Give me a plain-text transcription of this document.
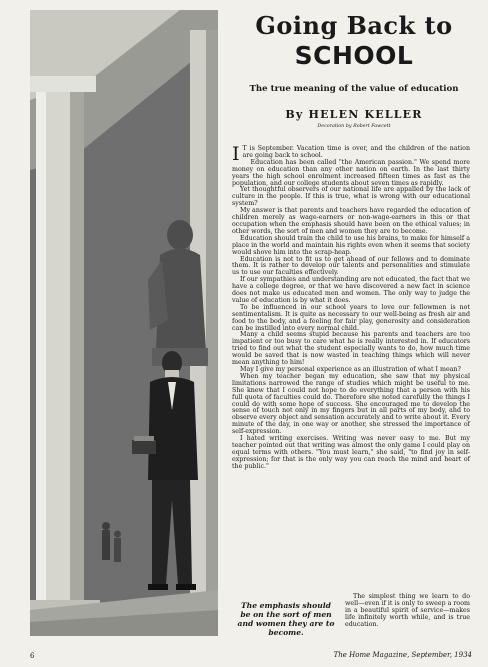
Going Back to
SCHOOL
The true meaning of the value of education
By HELEN KELLER
Decoration by Robert Fawcett

I T is September. Vacation time is over, and the children of the nation are going back to school.

Education has been called "the American passion." We spend more money on education than any other nation on earth. In the last thirty years the high school enrolment increased fifteen times as fast as the population, and our college students about seven times as rapidly.

Yet thoughtful observers of our national life are appalled by the lack of culture in the people. If this is true, what is wrong with our educational system?

My answer is that parents and teachers have regarded the education of children merely as wage-earners or non-wage-earners in this or that occupation when the emphasis should have been on the ethical values; in other words, the sort of men and women they are to become.

Education should train the child to use his brains, to make for himself a place in the world and maintain his rights even when it seems that society would shove him into the scrap-heap.

Education is not to fit us to get ahead of our fellows and to dominate them. It is rather to develop our talents and personalities and stimulate us to use our faculties effectively.

If our sympathies and understanding are not educated, the fact that we have a college degree, or that we have discovered a new fact in science does not make us educated men and women. The only way to judge the value of education is by what it does.

To be influenced in our school years to love our fellowmen is not sentimentalism. It is quite as necessary to our well-being as fresh air and food to the body, and a feeling for fair play, generosity and consideration can be instilled into every normal child.

Many a child seems stupid because his parents and teachers are too impatient or too busy to care what he is really interested in. If educators tried to find out what the student especially wants to do, how much time would be saved that is now wasted in teaching things which will never mean anything to him!

May I give my personal experience as an illustration of what I mean?

When my teacher began my education, she saw that my physical limitations narrowed the range of studies which might be useful to me. She knew that I could not hope to do everything that a person with his full quota of faculties could do. Therefore she noted carefully the things I could do with some hope of success. She encouraged me to develop the sense of touch not only in my fingers but in all parts of my body, and to observe every object and sensation accurately and to write about it. Every minute of the day, in one way or another, she stressed the importance of self-expression.

I hated writing exercises. Writing was never easy to me. But my teacher pointed out that writing was almost the only game I could play on equal terms with others. "You must learn," she said, "to find joy in self-expression; for that is the only way you can reach the mind and heart of the public."

The emphasis should be on the sort of men and women they are to become.

The simplest thing we learn to do well—even if it is only to sweep a room in a beautiful spirit of service—makes life infinitely worth while, and is true education.

6	The Home Magazine, September, 1934
